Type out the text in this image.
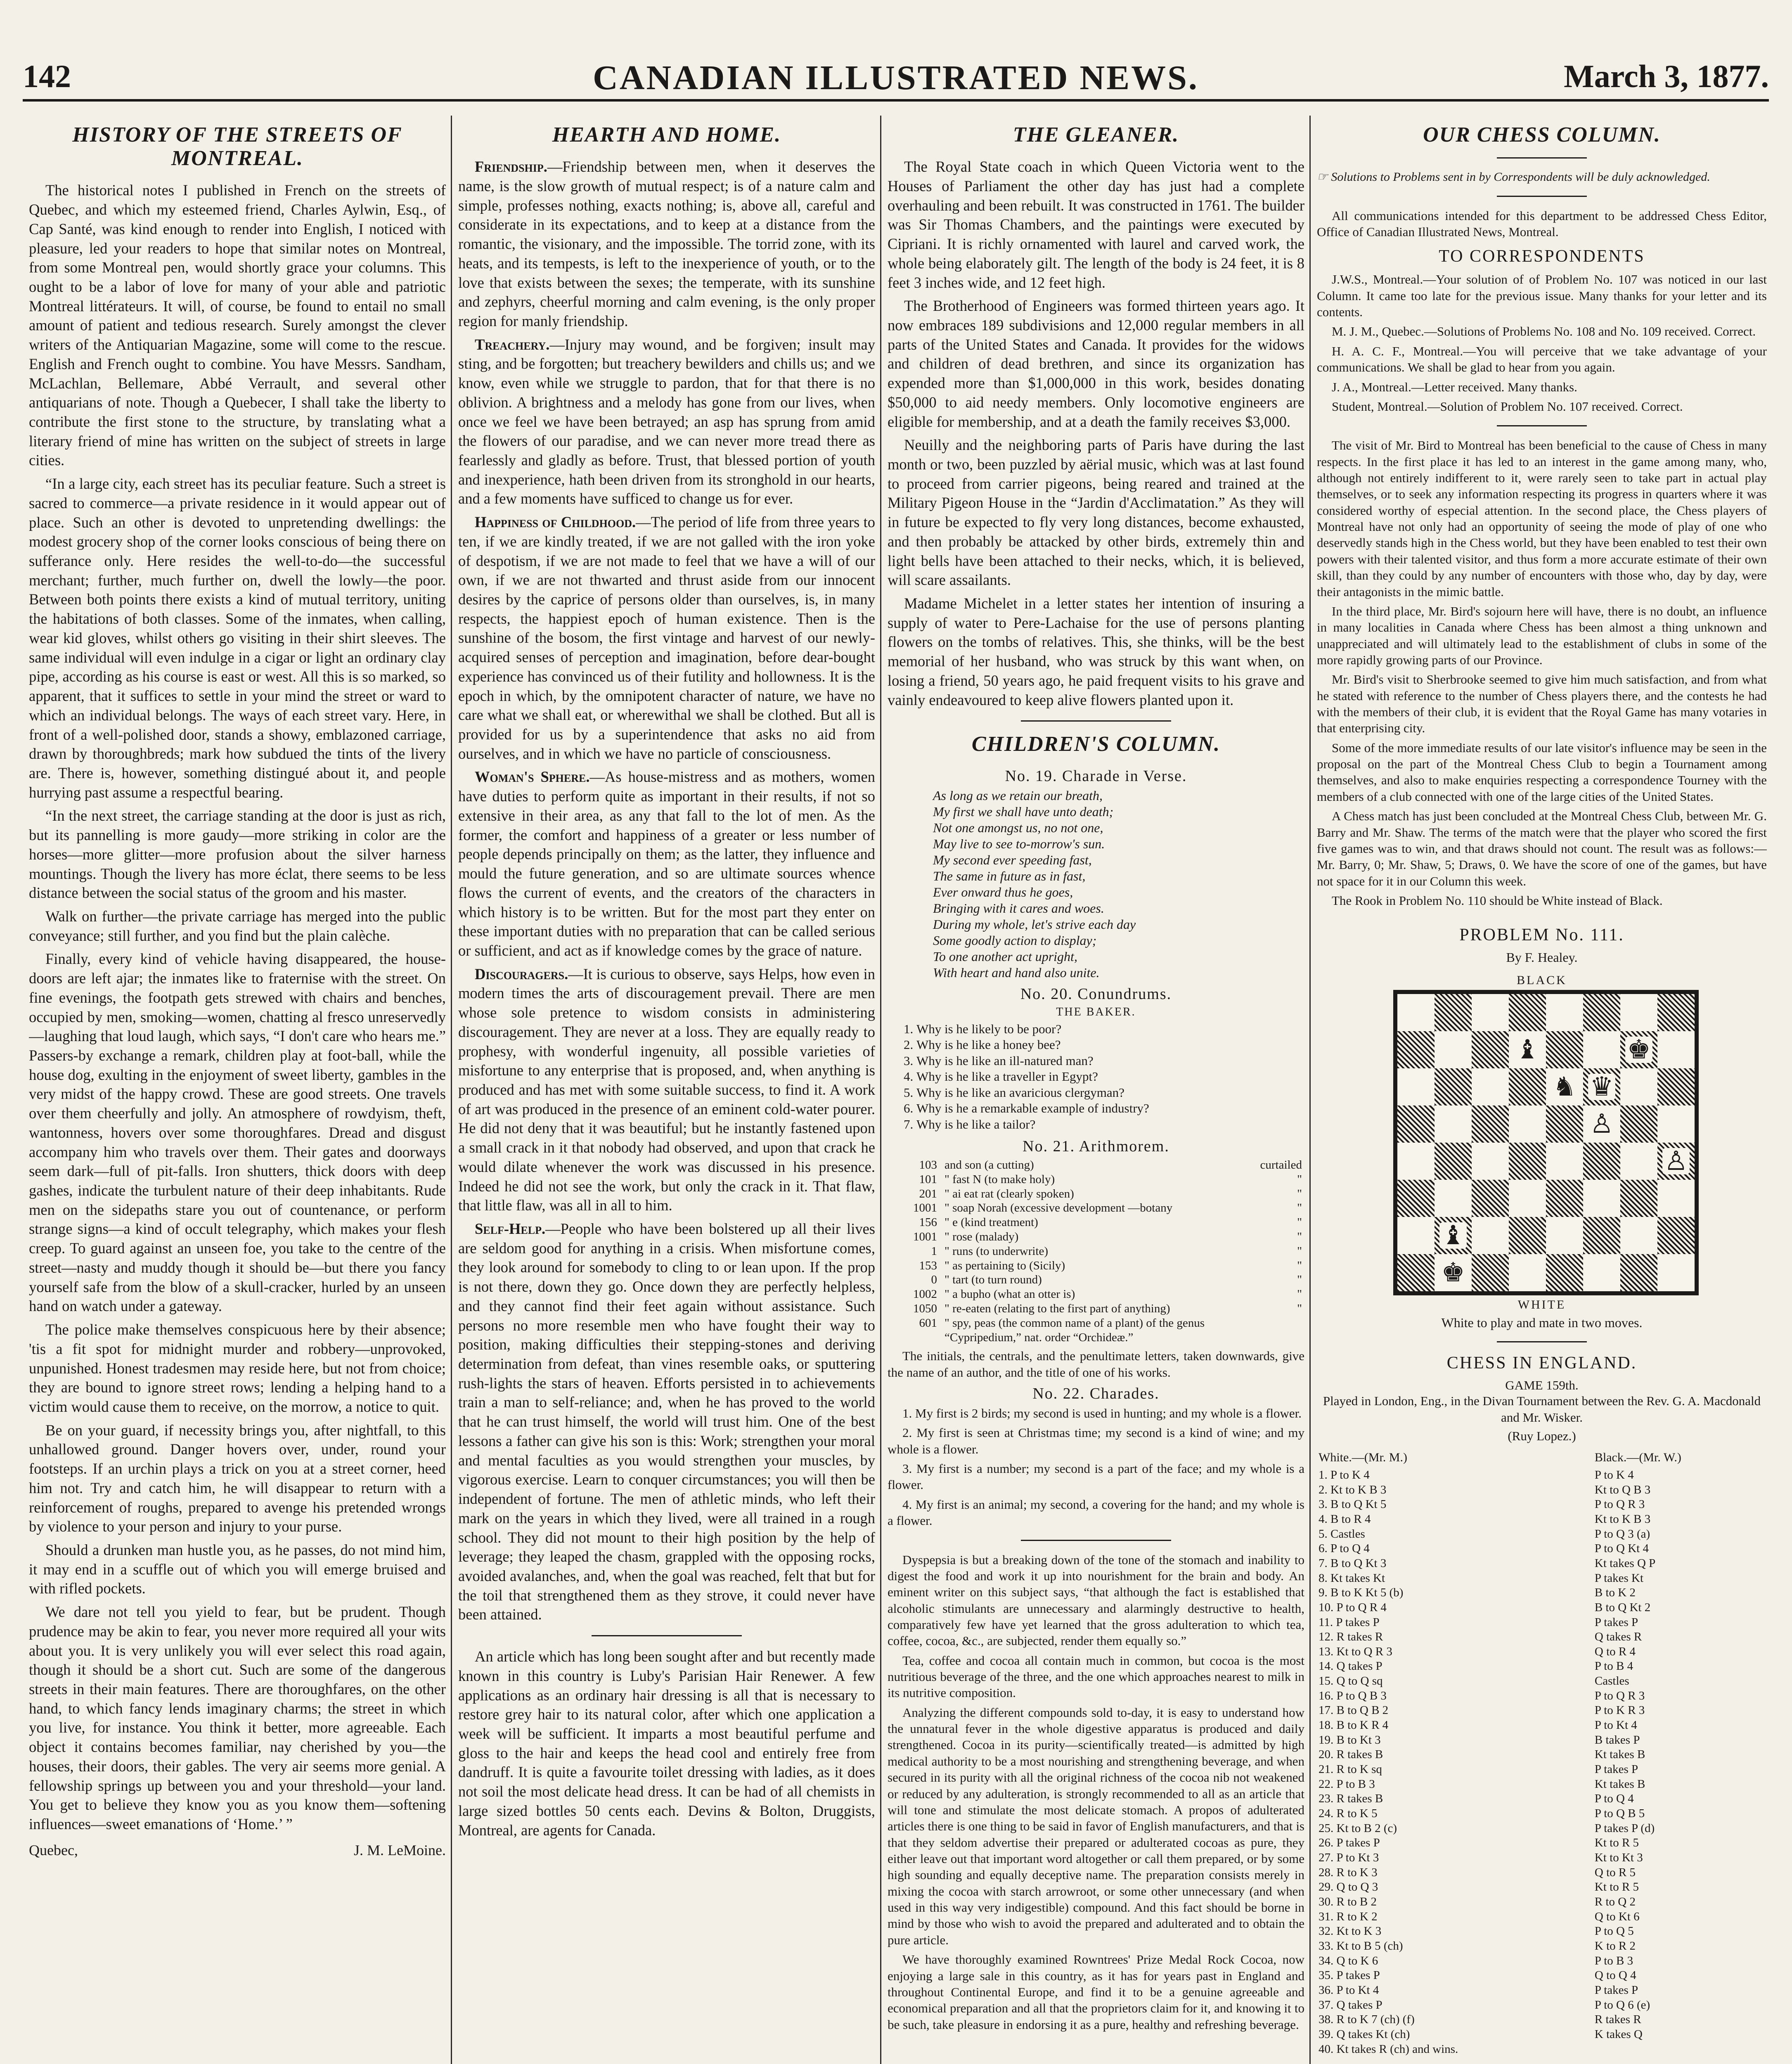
142	CANADIAN ILLUSTRATED NEWS.	March 3, 1877.
HISTORY OF THE STREETS OF MONTREAL.

The historical notes I published in French on the streets of Quebec, and which my esteemed friend, Charles Aylwin, Esq., of Cap Santé, was kind enough to render into English, I noticed with pleasure, led your readers to hope that similar notes on Montreal, from some Montreal pen, would shortly grace your columns. This ought to be a labor of love for many of your able and patriotic Montreal littérateurs. It will, of course, be found to entail no small amount of patient and tedious research. Surely amongst the clever writers of the Antiquarian Magazine, some will come to the rescue. English and French ought to combine. You have Messrs. Sandham, McLachlan, Bellemare, Abbé Verrault, and several other antiquarians of note. Though a Quebecer, I shall take the liberty to contribute the first stone to the structure, by translating what a literary friend of mine has written on the subject of streets in large cities.

“In a large city, each street has its peculiar feature. Such a street is sacred to commerce—a private residence in it would appear out of place. Such an other is devoted to unpretending dwellings: the modest grocery shop of the corner looks conscious of being there on sufferance only. Here resides the well-to-do—the successful merchant; further, much further on, dwell the lowly—the poor. Between both points there exists a kind of mutual territory, uniting the habitations of both classes. Some of the inmates, when calling, wear kid gloves, whilst others go visiting in their shirt sleeves. The same individual will even indulge in a cigar or light an ordinary clay pipe, according as his course is east or west. All this is so marked, so apparent, that it suffices to settle in your mind the street or ward to which an individual belongs. The ways of each street vary. Here, in front of a well-polished door, stands a showy, emblazoned carriage, drawn by thoroughbreds; mark how subdued the tints of the livery are. There is, however, something distingué about it, and people hurrying past assume a respectful bearing.

“In the next street, the carriage standing at the door is just as rich, but its pannelling is more gaudy—more striking in color are the horses—more glitter—more profusion about the silver harness mountings. Though the livery has more éclat, there seems to be less distance between the social status of the groom and his master.

Walk on further—the private carriage has merged into the public conveyance; still further, and you find but the plain calèche.

Finally, every kind of vehicle having disappeared, the house-doors are left ajar; the inmates like to fraternise with the street. On fine evenings, the footpath gets strewed with chairs and benches, occupied by men, smoking—women, chatting al fresco unreservedly—laughing that loud laugh, which says, “I don't care who hears me.” Passers-by exchange a remark, children play at foot-ball, while the house dog, exulting in the enjoyment of sweet liberty, gambles in the very midst of the happy crowd. These are good streets. One travels over them cheerfully and jolly. An atmosphere of rowdyism, theft, wantonness, hovers over some thoroughfares. Dread and disgust accompany him who travels over them. Their gates and doorways seem dark—full of pit-falls. Iron shutters, thick doors with deep gashes, indicate the turbulent nature of their deep inhabitants. Rude men on the sidepaths stare you out of countenance, or perform strange signs—a kind of occult telegraphy, which makes your flesh creep. To guard against an unseen foe, you take to the centre of the street—nasty and muddy though it should be—but there you fancy yourself safe from the blow of a skull-cracker, hurled by an unseen hand on watch under a gateway.

The police make themselves conspicuous here by their absence; 'tis a fit spot for midnight murder and robbery—unprovoked, unpunished. Honest tradesmen may reside here, but not from choice; they are bound to ignore street rows; lending a helping hand to a victim would cause them to receive, on the morrow, a notice to quit.

Be on your guard, if necessity brings you, after nightfall, to this unhallowed ground. Danger hovers over, under, round your footsteps. If an urchin plays a trick on you at a street corner, heed him not. Try and catch him, he will disappear to return with a reinforcement of roughs, prepared to avenge his pretended wrongs by violence to your person and injury to your purse.

Should a drunken man hustle you, as he passes, do not mind him, it may end in a scuffle out of which you will emerge bruised and with rifled pockets.

We dare not tell you yield to fear, but be prudent. Though prudence may be akin to fear, you never more required all your wits about you. It is very unlikely you will ever select this road again, though it should be a short cut. Such are some of the dangerous streets in their main features. There are thoroughfares, on the other hand, to which fancy lends imaginary charms; the street in which you live, for instance. You think it better, more agreeable. Each object it contains becomes familiar, nay cherished by you—the houses, their doors, their gables. The very air seems more genial. A fellowship springs up between you and your threshold—your land. You get to believe they know you as you know them—softening influences—sweet emanations of ‘Home.’ ”

Quebec,	J. M. LeMoine.
HEARTH AND HOME.

Friendship.—Friendship between men, when it deserves the name, is the slow growth of mutual respect; is of a nature calm and simple, professes nothing, exacts nothing; is, above all, careful and considerate in its expectations, and to keep at a distance from the romantic, the visionary, and the impossible. The torrid zone, with its heats, and its tempests, is left to the inexperience of youth, or to the love that exists between the sexes; the temperate, with its sunshine and zephyrs, cheerful morning and calm evening, is the only proper region for manly friendship.

Treachery.—Injury may wound, and be forgiven; insult may sting, and be forgotten; but treachery bewilders and chills us; and we know, even while we struggle to pardon, that for that there is no oblivion. A brightness and a melody has gone from our lives, when once we feel we have been betrayed; an asp has sprung from amid the flowers of our paradise, and we can never more tread there as fearlessly and gladly as before. Trust, that blessed portion of youth and inexperience, hath been driven from its stronghold in our hearts, and a few moments have sufficed to change us for ever.

Happiness of Childhood.—The period of life from three years to ten, if we are kindly treated, if we are not galled with the iron yoke of despotism, if we are not made to feel that we have a will of our own, if we are not thwarted and thrust aside from our innocent desires by the caprice of persons older than ourselves, is, in many respects, the happiest epoch of human existence. Then is the sunshine of the bosom, the first vintage and harvest of our newly-acquired senses of perception and imagination, before dear-bought experience has convinced us of their futility and hollowness. It is the epoch in which, by the omnipotent character of nature, we have no care what we shall eat, or wherewithal we shall be clothed. But all is provided for us by a superintendence that asks no aid from ourselves, and in which we have no particle of consciousness.

Woman's Sphere.—As house-mistress and as mothers, women have duties to perform quite as important in their results, if not so extensive in their area, as any that fall to the lot of men. As the former, the comfort and happiness of a greater or less number of people depends principally on them; as the latter, they influence and mould the future generation, and so are ultimate sources whence flows the current of events, and the creators of the characters in which history is to be written. But for the most part they enter on these important duties with no preparation that can be called serious or sufficient, and act as if knowledge comes by the grace of nature.

Discouragers.—It is curious to observe, says Helps, how even in modern times the arts of discouragement prevail. There are men whose sole pretence to wisdom consists in administering discouragement. They are never at a loss. They are equally ready to prophesy, with wonderful ingenuity, all possible varieties of misfortune to any enterprise that is proposed, and, when anything is produced and has met with some suitable success, to find it. A work of art was produced in the presence of an eminent cold-water pourer. He did not deny that it was beautiful; but he instantly fastened upon a small crack in it that nobody had observed, and upon that crack he would dilate whenever the work was discussed in his presence. Indeed he did not see the work, but only the crack in it. That flaw, that little flaw, was all in all to him.

Self-Help.—People who have been bolstered up all their lives are seldom good for anything in a crisis. When misfortune comes, they look around for somebody to cling to or lean upon. If the prop is not there, down they go. Once down they are perfectly helpless, and they cannot find their feet again without assistance. Such persons no more resemble men who have fought their way to position, making difficulties their stepping-stones and deriving determination from defeat, than vines resemble oaks, or sputtering rush-lights the stars of heaven. Efforts persisted in to achievements train a man to self-reliance; and, when he has proved to the world that he can trust himself, the world will trust him. One of the best lessons a father can give his son is this: Work; strengthen your moral and mental faculties as you would strengthen your muscles, by vigorous exercise. Learn to conquer circumstances; you will then be independent of fortune. The men of athletic minds, who left their mark on the years in which they lived, were all trained in a rough school. They did not mount to their high position by the help of leverage; they leaped the chasm, grappled with the opposing rocks, avoided avalanches, and, when the goal was reached, felt that but for the toil that strengthened them as they strove, it could never have been attained.

An article which has long been sought after and but recently made known in this country is Luby's Parisian Hair Renewer. A few applications as an ordinary hair dressing is all that is necessary to restore grey hair to its natural color, after which one application a week will be sufficient. It imparts a most beautiful perfume and gloss to the hair and keeps the head cool and entirely free from dandruff. It is quite a favourite toilet dressing with ladies, as it does not soil the most delicate head dress. It can be had of all chemists in large sized bottles 50 cents each. Devins & Bolton, Druggists, Montreal, are agents for Canada.

THE GLEANER.

The Royal State coach in which Queen Victoria went to the Houses of Parliament the other day has just had a complete overhauling and been rebuilt. It was constructed in 1761. The builder was Sir Thomas Chambers, and the paintings were executed by Cipriani. It is richly ornamented with laurel and carved work, the whole being elaborately gilt. The length of the body is 24 feet, it is 8 feet 3 inches wide, and 12 feet high.

The Brotherhood of Engineers was formed thirteen years ago. It now embraces 189 subdivisions and 12,000 regular members in all parts of the United States and Canada. It provides for the widows and children of dead brethren, and since its organization has expended more than $1,000,000 in this work, besides donating $50,000 to aid needy members. Only locomotive engineers are eligible for membership, and at a death the family receives $3,000.

Neuilly and the neighboring parts of Paris have during the last month or two, been puzzled by aërial music, which was at last found to proceed from carrier pigeons, being reared and trained at the Military Pigeon House in the “Jardin d'Acclimatation.” As they will in future be expected to fly very long distances, become exhausted, and then probably be attacked by other birds, extremely thin and light bells have been attached to their necks, which, it is believed, will scare assailants.

Madame Michelet in a letter states her intention of insuring a supply of water to Pere-Lachaise for the use of persons planting flowers on the tombs of relatives. This, she thinks, will be the best memorial of her husband, who was struck by this want when, on losing a friend, 50 years ago, he paid frequent visits to his grave and vainly endeavoured to keep alive flowers planted upon it.

CHILDREN'S COLUMN.
No. 19. Charade in Verse.
As long as we retain our breath,
My first we shall have unto death;
Not one amongst us, no not one,
May live to see to-morrow's sun.
My second ever speeding fast,
The same in future as in fast,
Ever onward thus he goes,
Bringing with it cares and woes.
During my whole, let's strive each day
Some goodly action to display;
To one another act upright,
With heart and hand also unite.
No. 20. Conundrums.
THE BAKER.
1. Why is he likely to be poor?
2. Why is he like a honey bee?
3. Why is he like an ill-natured man?
4. Why is he like a traveller in Egypt?
5. Why is he like an avaricious clergyman?
6. Why is he a remarkable example of industry?
7. Why is he like a tailor?
No. 21. Arithmorem.
103	and son (a cutting)	curtailed
101	" fast N (to make holy)	"
201	" ai eat rat (clearly spoken)	"
1001	" soap Norah (excessive development —botany	"
156	" e (kind treatment)	"
1001	" rose (malady)	"
1	" runs (to underwrite)	"
153	" as pertaining to (Sicily)	"
0	" tart (to turn round)	"
1002	" a bupho (what an otter is)	"
1050	" re-eaten (relating to the first part of anything)	"
601	" spy, peas (the common name of a plant) of the genus “Cypripedium,” nat. order “Orchideæ.”	

The initials, the centrals, and the penultimate letters, taken downwards, give the name of an author, and the title of one of his works.

No. 22. Charades.

1. My first is 2 birds; my second is used in hunting; and my whole is a flower.

2. My first is seen at Christmas time; my second is a kind of wine; and my whole is a flower.

3. My first is a number; my second is a part of the face; and my whole is a flower.

4. My first is an animal; my second, a covering for the hand; and my whole is a flower.

Dyspepsia is but a breaking down of the tone of the stomach and inability to digest the food and work it up into nourishment for the brain and body. An eminent writer on this subject says, “that although the fact is established that alcoholic stimulants are unnecessary and alarmingly destructive to health, comparatively few have yet learned that the gross adulteration to which tea, coffee, cocoa, &c., are subjected, render them equally so.”

Tea, coffee and cocoa all contain much in common, but cocoa is the most nutritious beverage of the three, and the one which approaches nearest to milk in its nutritive composition.

Analyzing the different compounds sold to-day, it is easy to understand how the unnatural fever in the whole digestive apparatus is produced and daily strengthened. Cocoa in its purity—scientifically treated—is admitted by high medical authority to be a most nourishing and strengthening beverage, and when secured in its purity with all the original richness of the cocoa nib not weakened or reduced by any adulteration, is strongly recommended to all as an article that will tone and stimulate the most delicate stomach. A propos of adulterated articles there is one thing to be said in favor of English manufacturers, and that is that they seldom advertise their prepared or adulterated cocoas as pure, they either leave out that important word altogether or call them prepared, or by some high sounding and equally deceptive name. The preparation consists merely in mixing the cocoa with starch arrowroot, or some other unnecessary (and when used in this way very indigestible) compound. And this fact should be borne in mind by those who wish to avoid the prepared and adulterated and to obtain the pure article.

We have thoroughly examined Rowntrees' Prize Medal Rock Cocoa, now enjoying a large sale in this country, as it has for years past in England and throughout Continental Europe, and find it to be a genuine agreeable and economical preparation and all that the proprietors claim for it, and knowing it to be such, take pleasure in endorsing it as a pure, healthy and refreshing beverage.

OUR CHESS COLUMN.
☞ Solutions to Problems sent in by Correspondents will be duly acknowledged.

All communications intended for this department to be addressed Chess Editor, Office of Canadian Illustrated News, Montreal.

TO CORRESPONDENTS

J.W.S., Montreal.—Your solution of of Problem No. 107 was noticed in our last Column. It came too late for the previous issue. Many thanks for your letter and its contents.

M. J. M., Quebec.—Solutions of Problems No. 108 and No. 109 received. Correct.

H. A. C. F., Montreal.—You will perceive that we take advantage of your communications. We shall be glad to hear from you again.

J. A., Montreal.—Letter received. Many thanks.

Student, Montreal.—Solution of Problem No. 107 received. Correct.

The visit of Mr. Bird to Montreal has been beneficial to the cause of Chess in many respects. In the first place it has led to an interest in the game among many, who, although not entirely indifferent to it, were rarely seen to take part in actual play themselves, or to seek any information respecting its progress in quarters where it was considered worthy of especial attention. In the second place, the Chess players of Montreal have not only had an opportunity of seeing the mode of play of one who deservedly stands high in the Chess world, but they have been enabled to test their own powers with their talented visitor, and thus form a more accurate estimate of their own skill, than they could by any number of encounters with those who, day by day, were their antagonists in the mimic battle.

In the third place, Mr. Bird's sojourn here will have, there is no doubt, an influence in many localities in Canada where Chess has been almost a thing unknown and unappreciated and will ultimately lead to the establishment of clubs in some of the more rapidly growing parts of our Province.

Mr. Bird's visit to Sherbrooke seemed to give him much satisfaction, and from what he stated with reference to the number of Chess players there, and the contests he had with the members of their club, it is evident that the Royal Game has many votaries in that enterprising city.

Some of the more immediate results of our late visitor's influence may be seen in the proposal on the part of the Montreal Chess Club to begin a Tournament among themselves, and also to make enquiries respecting a correspondence Tourney with the members of a club connected with one of the large cities of the United States.

A Chess match has just been concluded at the Montreal Chess Club, between Mr. G. Barry and Mr. Shaw. The terms of the match were that the player who scored the first five games was to win, and that draws should not count. The result was as follows:—Mr. Barry, 0; Mr. Shaw, 5; Draws, 0. We have the score of one of the games, but have not space for it in our Column this week.

The Rook in Problem No. 110 should be White instead of Black.

PROBLEM No. 111.
By F. Healey.
BLACK
♝	♚
♞ ♛
♙
♙
♝
♚
WHITE
White to play and mate in two moves.
CHESS IN ENGLAND.
GAME 159th.

Played in London, Eng., in the Divan Tournament between the Rev. G. A. Macdonald and Mr. Wisker.

(Ruy Lopez.)
White.—(Mr. M.)	Black.—(Mr. W.)
1. P to K 4	P to K 4
2. Kt to K B 3	Kt to Q B 3
3. B to Q Kt 5	P to Q R 3
4. B to R 4	Kt to K B 3
5. Castles	P to Q 3 (a)
6. P to Q 4	P to Q Kt 4
7. B to Q Kt 3	Kt takes Q P
8. Kt takes Kt	P takes Kt
9. B to K Kt 5 (b)	B to K 2
10. P to Q R 4	B to Q Kt 2
11. P takes P	P takes P
12. R takes R	Q takes R
13. Kt to Q R 3	Q to R 4
14. Q takes P	P to B 4
15. Q to Q sq	Castles
16. P to Q B 3	P to Q R 3
17. B to Q B 2	P to K R 3
18. B to K R 4	P to Kt 4
19. B to Kt 3	B takes P
20. R takes B	Kt takes B
21. R to K sq	P takes P
22. P to B 3	Kt takes B
23. R takes B	P to Q 4
24. R to K 5	P to Q B 5
25. Kt to B 2 (c)	P takes P (d)
26. P takes P	Kt to R 5
27. P to Kt 3	Kt to Kt 3
28. R to K 3	Q to R 5
29. Q to Q 3	Kt to R 5
30. R to B 2	R to Q 2
31. R to K 2	Q to Kt 6
32. Kt to K 3	P to Q 5
33. Kt to B 5 (ch)	K to R 2
34. Q to K 6	P to B 3
35. P takes P	Q to Q 4
36. P to Kt 4	P takes P
37. Q takes P	P to Q 6 (e)
38. R to K 7 (ch) (f)	R takes R
39. Q takes Kt (ch)	K takes Q
40. Kt takes R (ch) and wins.	
